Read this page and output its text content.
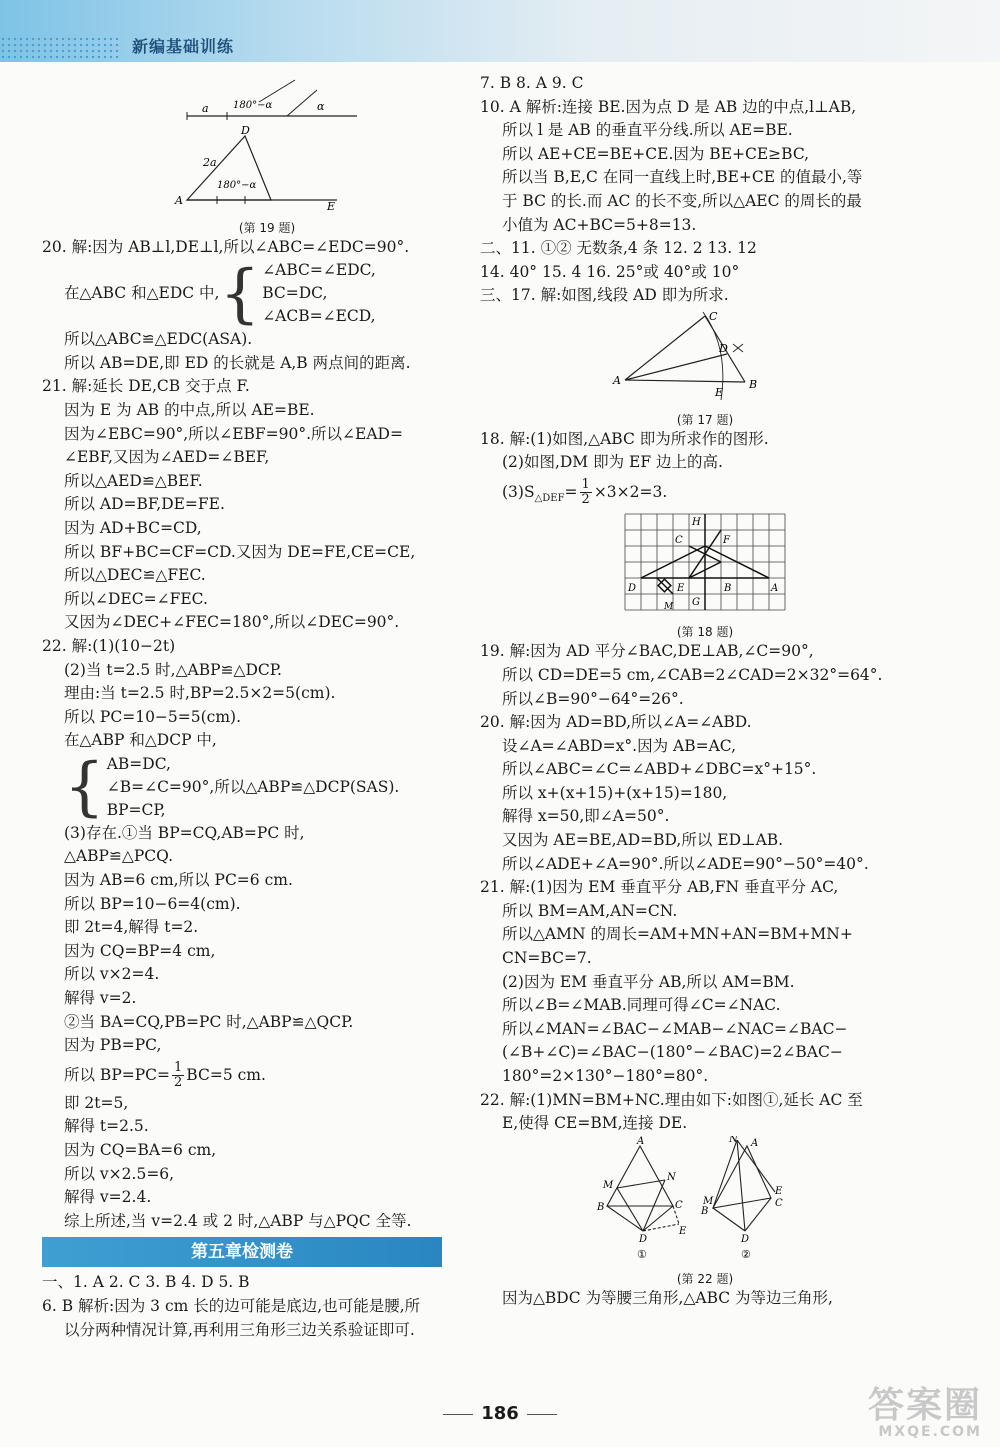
新编基础训练
a 180°−α	α
D
2a
180°−α
A	E
(第 19 题)
20. 解:因为 AB⊥l,DE⊥l,所以∠ABC=∠EDC=90°.
在△ABC 和△EDC 中, { ∠ABC=∠EDC,
BC=DC,
∠ACB=∠ECD,
所以△ABC≌△EDC(ASA).
所以 AB=DE,即 ED 的长就是 A,B 两点间的距离.
21. 解:延长 DE,CB 交于点 F.
因为 E 为 AB 的中点,所以 AE=BE.
因为∠EBC=90°,所以∠EBF=90°.所以∠EAD=
∠EBF,又因为∠AED=∠BEF,
所以△AED≌△BEF.
所以 AD=BF,DE=FE.
因为 AD+BC=CD,
所以 BF+BC=CF=CD.又因为 DE=FE,CE=CE,
所以△DEC≌△FEC.
所以∠DEC=∠FEC.
又因为∠DEC+∠FEC=180°,所以∠DEC=90°.
22. 解:(1)(10−2t)
(2)当 t=2.5 时,△ABP≌△DCP.
理由:当 t=2.5 时,BP=2.5×2=5(cm).
所以 PC=10−5=5(cm).
在△ABP 和△DCP 中,
{ AB=DC,
∠B=∠C=90°,所以△ABP≌△DCP(SAS).
BP=CP,
(3)存在.①当 BP=CQ,AB=PC 时,
△ABP≌△PCQ.
因为 AB=6 cm,所以 PC=6 cm.
所以 BP=10−6=4(cm).
即 2t=4,解得 t=2.
因为 CQ=BP=4 cm,
所以 v×2=4.
解得 v=2.
②当 BA=CQ,PB=PC 时,△ABP≌△QCP.
因为 PB=PC,
所以 $BP=PC= \frac{1}{2} BC=5$ cm.
即 2t=5,
解得 t=2.5.
因为 CQ=BA=6 cm,
所以 v×2.5=6,
解得 v=2.4.
综上所述,当 v=2.4 或 2 时,△ABP 与△PQC 全等.
第五章检测卷
一、1. A 2. C 3. B 4. D 5. B
6. B 解析:因为 3 cm 长的边可能是底边,也可能是腰,所
以分两种情况计算,再利用三角形三边关系验证即可.
7. B 8. A 9. C
10. A 解析:连接 BE.因为点 D 是 AB 边的中点,l⊥AB,
所以 l 是 AB 的垂直平分线.所以 AE=BE.
所以 AE+CE=BE+CE.因为 BE+CE≥BC,
所以当 B,E,C 在同一直线上时,BE+CE 的值最小,等
于 BC 的长.而 AC 的长不变,所以△AEC 的周长的最
小值为 AC+BC=5+8=13.
二、11. ①② 无数条,4 条 12. 2 13. 12
14. 40° 15. 4 16. 25°或 40°或 10°
三、17. 解:如图,线段 AD 即为所求.
A	B
C
D
E
(第 17 题)
18. 解:(1)如图,△ABC 即为所求作的图形.
(2)如图,DM 即为 EF 边上的高.
$(3)S_{\triangle DEF}= \frac{1}{2} \times 3\times 2=3$.
H
C	F
D	E	B	A
G
M
(第 18 题)
19. 解:因为 AD 平分∠BAC,DE⊥AB,∠C=90°,
所以 CD=DE=5 cm,∠CAB=2∠CAD=2×32°=64°.
所以∠B=90°−64°=26°.
20. 解:因为 AD=BD,所以∠A=∠ABD.
设∠A=∠ABD=x°.因为 AB=AC,
所以∠ABC=∠C=∠ABD+∠DBC=x°+15°.
所以 x+(x+15)+(x+15)=180,
解得 x=50,即∠A=50°.
又因为 AE=BE,AD=BD,所以 ED⊥AB.
所以∠ADE+∠A=90°.所以∠ADE=90°−50°=40°.
21. 解:(1)因为 EM 垂直平分 AB,FN 垂直平分 AC,
所以 BM=AM,AN=CN.
所以△AMN 的周长=AM+MN+AN=BM+MN+
CN=BC=7.
(2)因为 EM 垂直平分 AB,所以 AM=BM.
所以∠B=∠MAB.同理可得∠C=∠NAC.
所以∠MAN=∠BAC−∠MAB−∠NAC=∠BAC−
(∠B+∠C)=∠BAC−(180°−∠BAC)=2∠BAC−
180°=2×130°−180°=80°.
22. 解:(1)MN=BM+NC.理由如下:如图①,延长 AC 至
E,使得 CE=BM,连接 DE.
A
M
N
B	C
D
E
N A
M
B
E
C
D
①	②
(第 22 题)
因为△BDC 为等腰三角形,△ABC 为等边三角形,
186	答案圈
MXQE.COM
